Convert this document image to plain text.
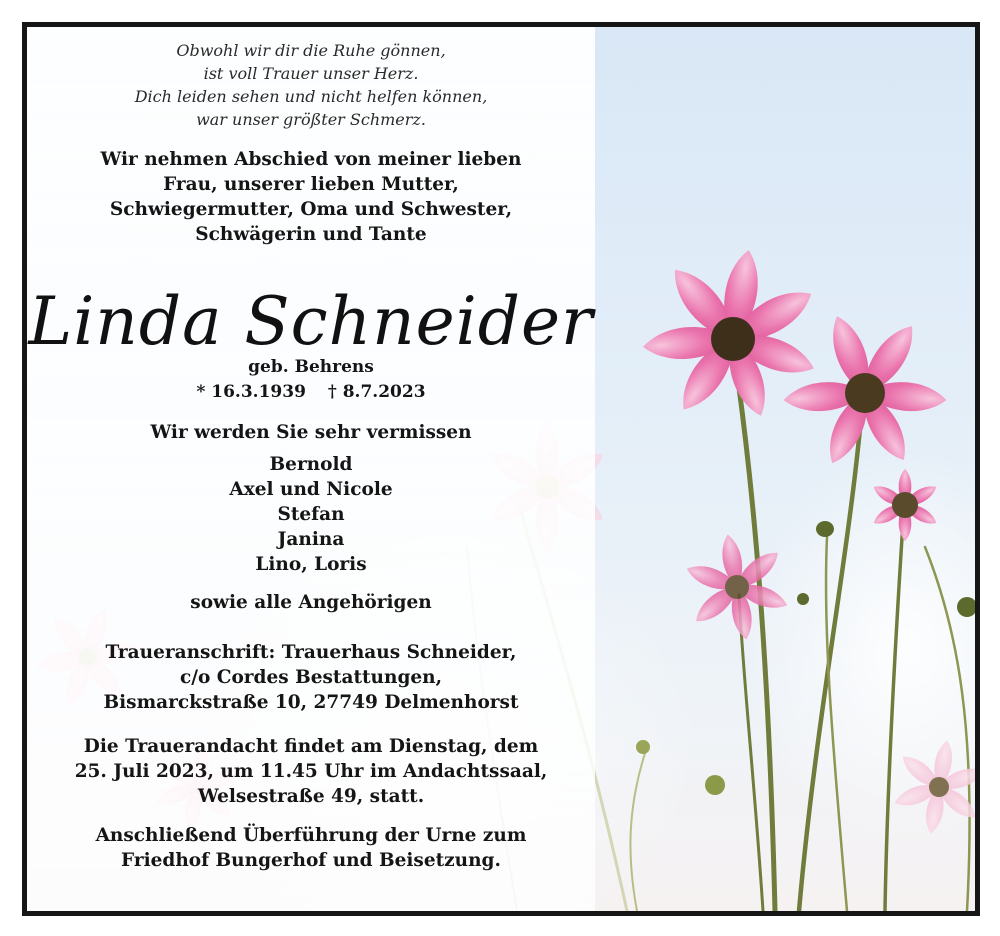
Obwohl wir dir die Ruhe gönnen,
ist voll Trauer unser Herz.
Dich leiden sehen und nicht helfen können,
war unser größter Schmerz.
Wir nehmen Abschied von meiner lieben
Frau, unserer lieben Mutter,
Schwiegermutter, Oma und Schwester,
Schwägerin und Tante
Linda Schneider
geb. Behrens
* 16.3.1939 † 8.7.2023
Wir werden Sie sehr vermissen
Bernold
Axel und Nicole
Stefan
Janina
Lino, Loris
sowie alle Angehörigen
Traueranschrift: Trauerhaus Schneider,
c/o Cordes Bestattungen,
Bismarckstraße 10, 27749 Delmenhorst
Die Trauerandacht findet am Dienstag, dem
25. Juli 2023, um 11.45 Uhr im Andachtssaal,
Welsestraße 49, statt.
Anschließend Überführung der Urne zum
Friedhof Bungerhof und Beisetzung.
